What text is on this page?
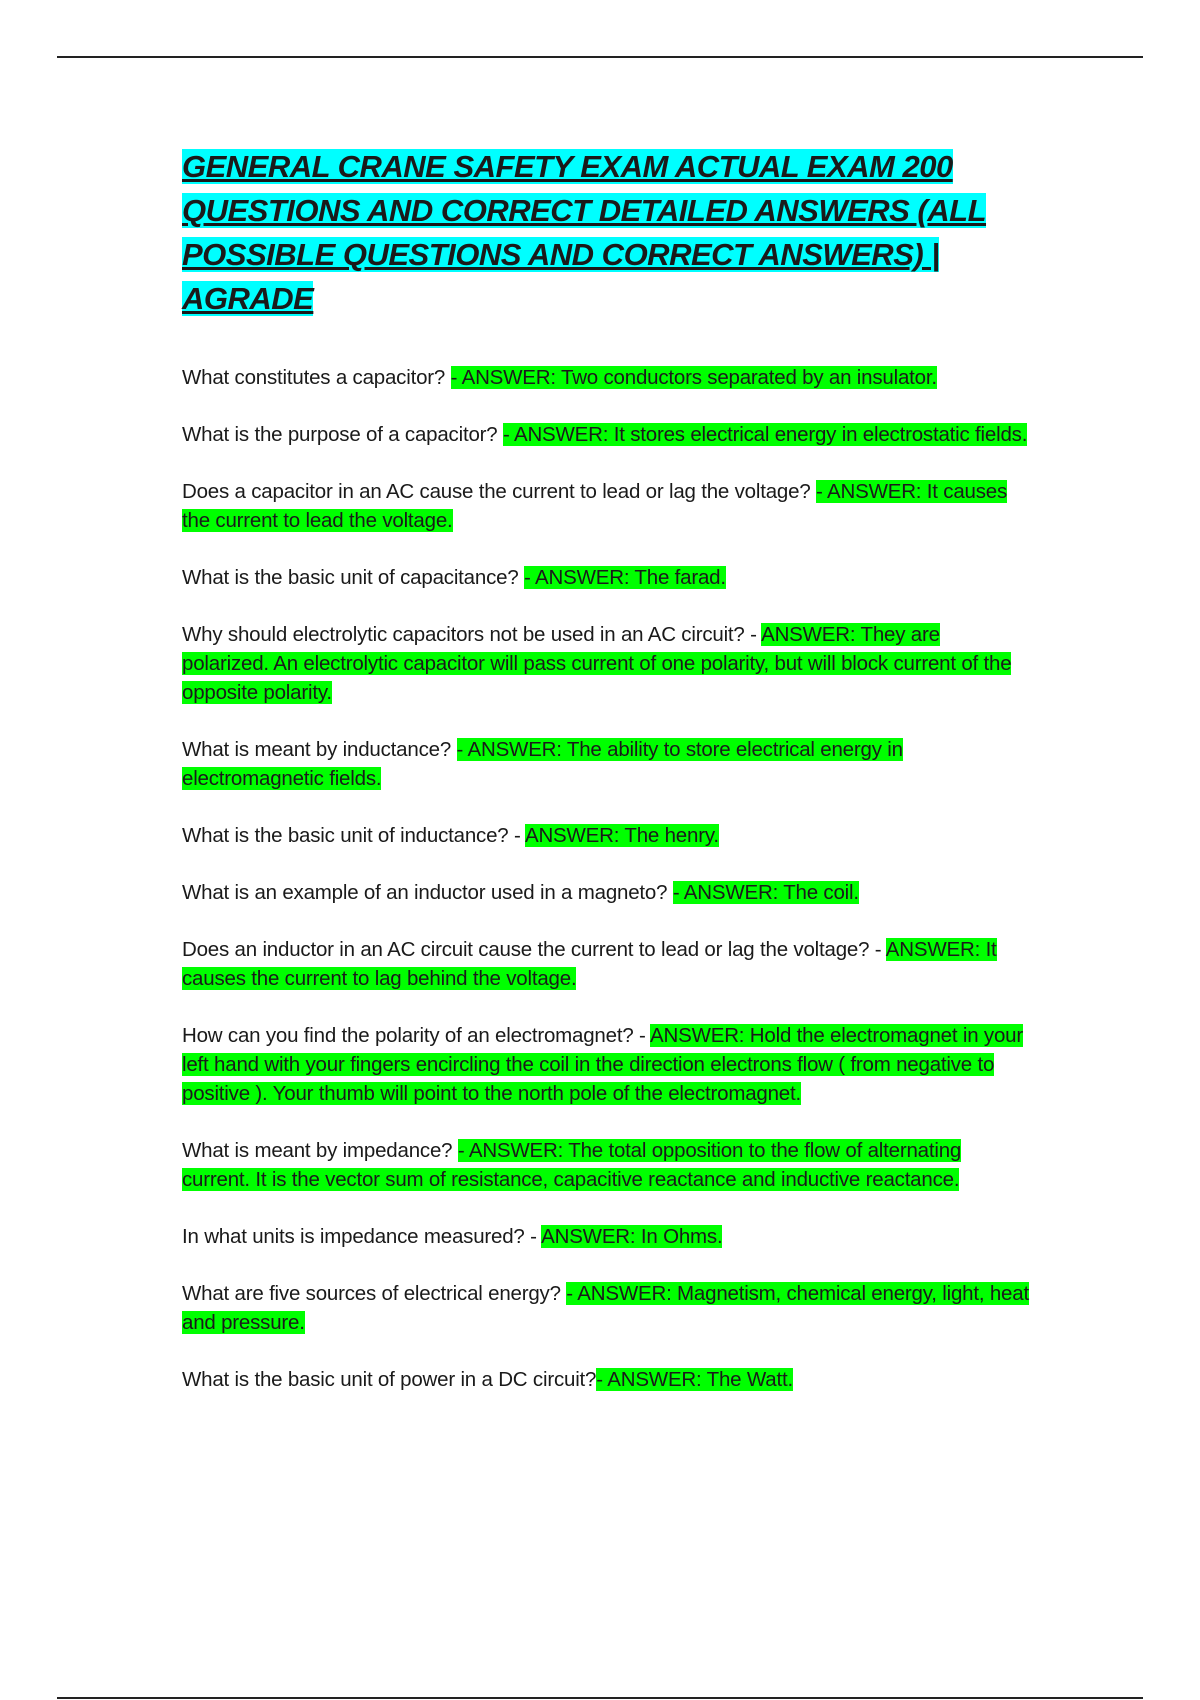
GENERAL CRANE SAFETY EXAM ACTUAL EXAM 200 QUESTIONS AND CORRECT DETAILED ANSWERS (ALL POSSIBLE QUESTIONS AND CORRECT ANSWERS) | AGRADE

What constitutes a capacitor? - ANSWER: Two conductors separated by an insulator.

What is the purpose of a capacitor? - ANSWER: It stores electrical energy in electrostatic fields.

Does a capacitor in an AC cause the current to lead or lag the voltage? - ANSWER: It causes the current to lead the voltage.

What is the basic unit of capacitance? - ANSWER: The farad.

Why should electrolytic capacitors not be used in an AC circuit? - ANSWER: They are polarized. An electrolytic capacitor will pass current of one polarity, but will block current of the opposite polarity.

What is meant by inductance? - ANSWER: The ability to store electrical energy in electromagnetic fields.

What is the basic unit of inductance? - ANSWER: The henry.

What is an example of an inductor used in a magneto? - ANSWER: The coil.

Does an inductor in an AC circuit cause the current to lead or lag the voltage? - ANSWER: It causes the current to lag behind the voltage.

How can you find the polarity of an electromagnet? - ANSWER: Hold the electromagnet in your left hand with your fingers encircling the coil in the direction electrons flow ( from negative to positive ). Your thumb will point to the north pole of the electromagnet.

What is meant by impedance? - ANSWER: The total opposition to the flow of alternating current. It is the vector sum of resistance, capacitive reactance and inductive reactance.

In what units is impedance measured? - ANSWER: In Ohms.

What are five sources of electrical energy? - ANSWER: Magnetism, chemical energy, light, heat and pressure.

What is the basic unit of power in a DC circuit?- ANSWER: The Watt.
